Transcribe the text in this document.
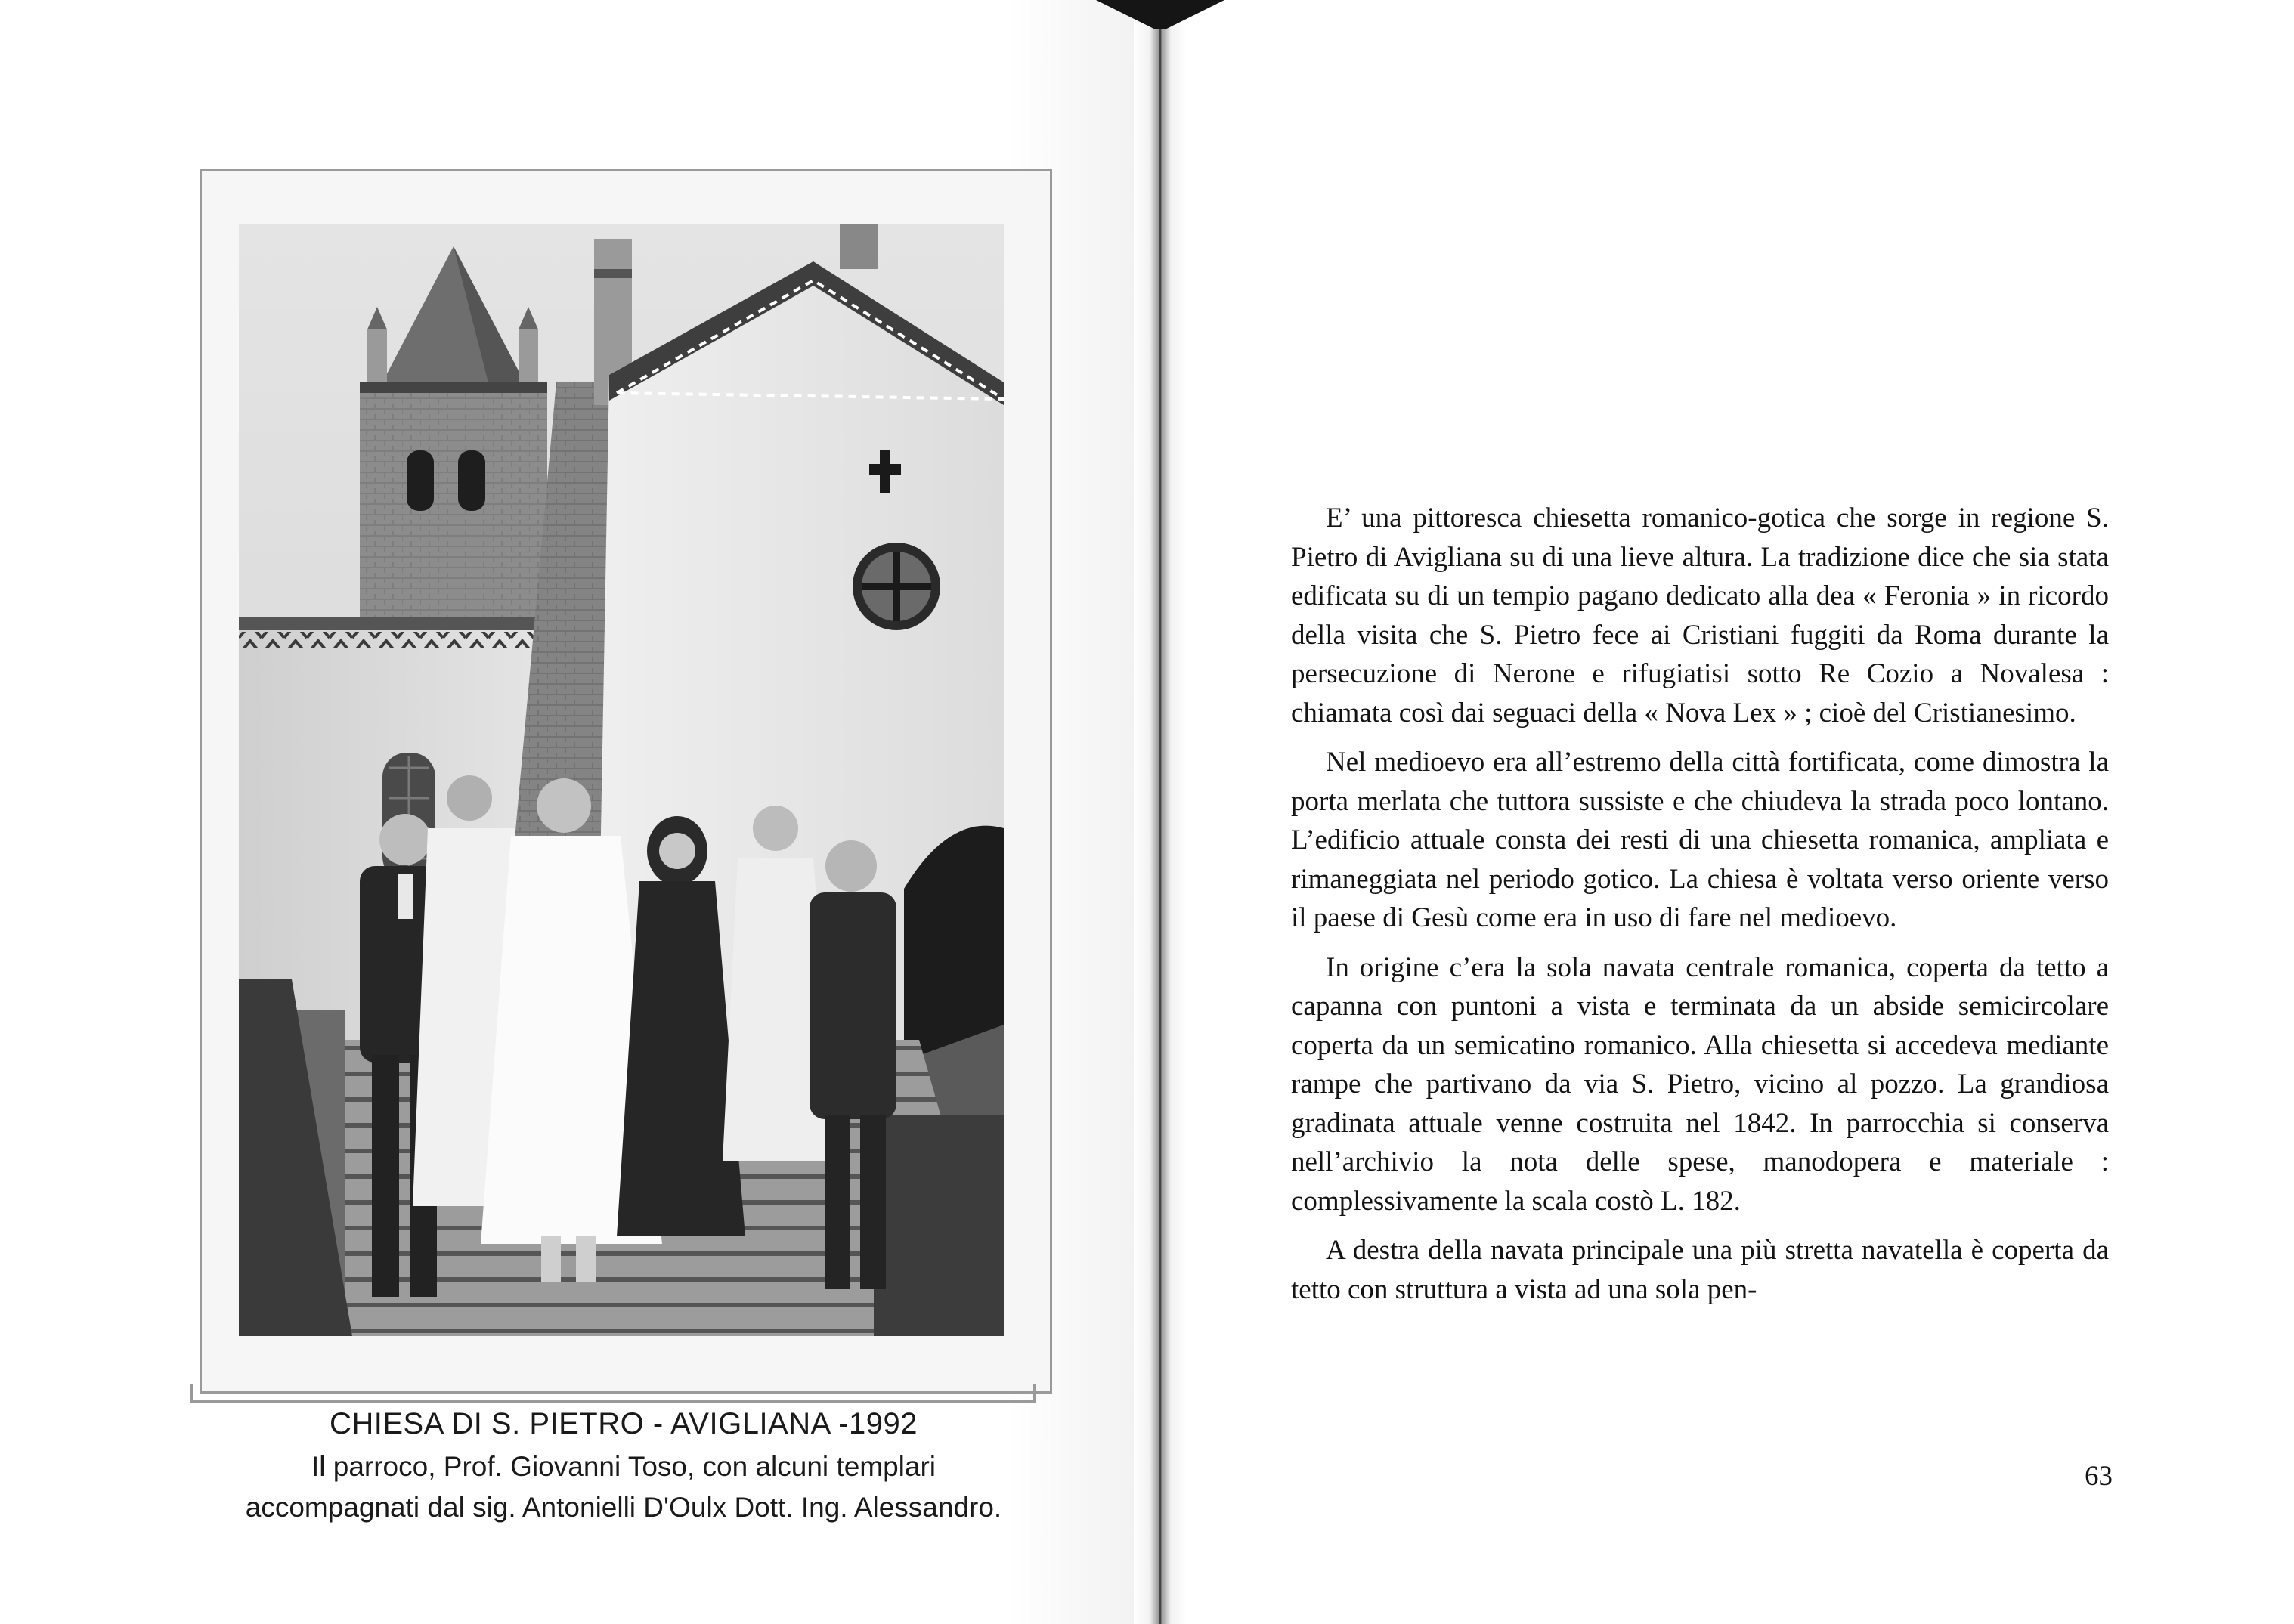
CHIESA DI S. PIETRO - AVIGLIANA -1992
Il parroco, Prof. Giovanni Toso, con alcuni templari
accompagnati dal sig. Antonielli D'Oulx Dott. Ing. Alessandro.

E’ una pittoresca chiesetta romanico-gotica che sorge in regione S. Pietro di Avigliana su di una lieve altura. La tradizione dice che sia stata edificata su di un tempio pagano dedicato alla dea « Feronia » in ricordo della visita che S. Pietro fece ai Cristiani fuggiti da Roma durante la persecuzione di Nerone e rifugiatisi sotto Re Cozio a Novalesa : chiamata così dai seguaci della « Nova Lex » ; cioè del Cristianesimo.

Nel medioevo era all’estremo della città fortificata, come dimostra la porta merlata che tuttora sussiste e che chiudeva la strada poco lontano. L’edificio attuale consta dei resti di una chiesetta romanica, ampliata e rimaneggiata nel periodo gotico. La chiesa è voltata verso oriente verso il paese di Gesù come era in uso di fare nel medioevo.

In origine c’era la sola navata centrale romanica, coperta da tetto a capanna con puntoni a vista e terminata da un abside semicircolare coperta da un semicatino romanico. Alla chiesetta si accedeva mediante rampe che partivano da via S. Pietro, vicino al pozzo. La grandiosa gradinata attuale venne costruita nel 1842. In parrocchia si conserva nell’archivio la nota delle spese, manodopera e materiale : complessivamente la scala costò L. 182.

A destra della navata principale una più stretta navatella è coperta da tetto con struttura a vista ad una sola pen-

63
